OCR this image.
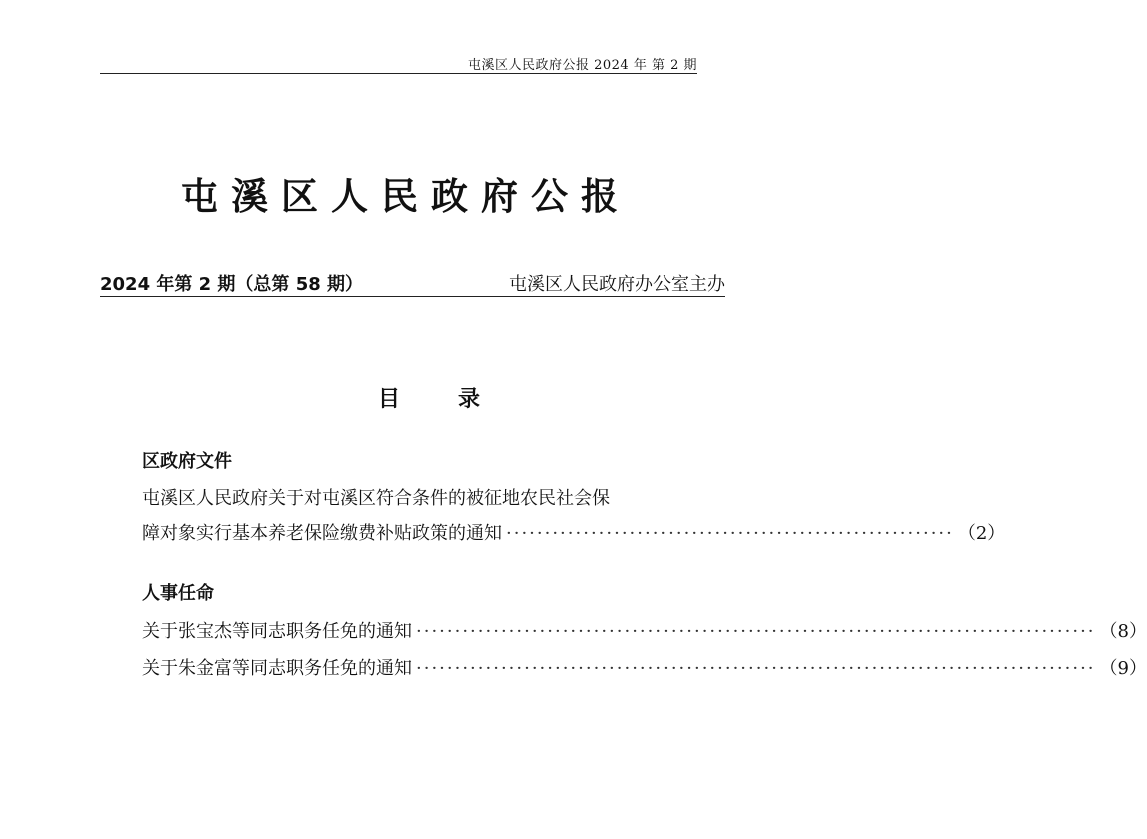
屯溪区人民政府公报 2024 年 第 2 期
屯溪区人民政府公报
2024 年第 2 期（总第 58 期）	屯溪区人民政府办公室主办
目录
区政府文件
屯溪区人民政府关于对屯溪区符合条件的被征地农民社会保
障对象实行基本养老保险缴费补贴政策的通知 ·························································· （2）
人事任命
关于张宝杰等同志职务任免的通知 ························································································ （8）
关于朱金富等同志职务任免的通知 ························································································ （9）
